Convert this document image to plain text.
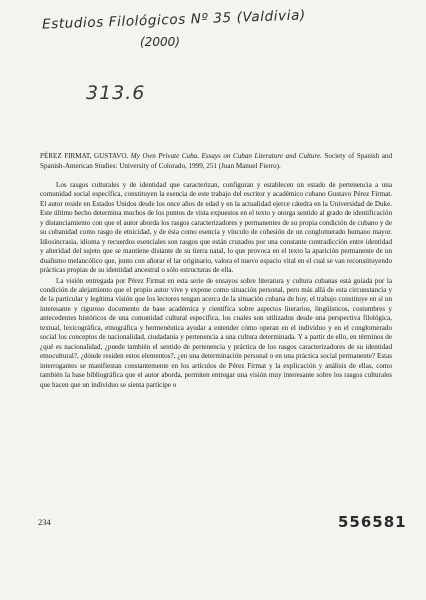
Estudios Filológicos Nº 35 (Valdivia)
(2000)
313.6
PÉREZ FIRMAT, GUSTAVO. My Own Private Cuba. Essays on Cuban Literature and Culture. Society of Spanish and Spanish-American Studies: University of Colorado, 1999, 251 (Juan Manuel Fierro).

Los rasgos culturales y de identidad que caracterizan, configuran y establecen un estado de pertenencia a una comunidad social específica, constituyen la esencia de este trabajo del escritor y académico cubano Gustavo Pérez Firmat. El autor reside en Estados Unidos desde los once años de edad y en la actualidad ejerce cátedra en la Universidad de Duke. Este último hecho determina muchos de los puntos de vista expuestos en el texto y otorga sentido al grado de identificación y distanciamiento con que el autor aborda los rasgos caracterizadores y permanentes de su propia condición de cubano y de su cubanidad como rasgo de etnicidad, y de ésta como esencia y vínculo de cohesión de un conglomerado humano mayor. Idiosincrasia, idioma y recuerdos esenciales son rasgos que están cruzados por una constante contradicción entre identidad y alteridad del sujeto que se mantiene distante de su tierra natal, lo que provoca en el texto la aparición permanente de un dualismo melancólico que, junto con añorar el lar originario, valora el nuevo espacio vital en el cual se van reconstituyendo prácticas propias de su identidad ancestral o sólo estructuras de ella.

La visión entregada por Pérez Firmat en esta serie de ensayos sobre literatura y cultura cubanas está guiada por la condición de alejamiento que el propio autor vive y expone como situación personal, pero más allá de esta circunstancia y de la particular y legítima visión que los lectores tengan acerca de la situación cubana de hoy, el trabajo constituye en sí un interesante y riguroso documento de base académica y científica sobre aspectos literarios, lingüísticos, costumbres y antecedentes históricos de una comunidad cultural específica, los cuales son utilizados desde una perspectiva filológica, textual, lexicográfica, etnográfica y hermenéutica ayudar a entender cómo operan en el individuo y en el conglomerado social los conceptos de nacionalidad, ciudadanía y pertenencia a una cultura determinada. Y a partir de ello, en términos de ¿qué es nacionalidad, ¿puede también el sentido de pertenencia y práctica de los rasgos caracterizadores de su identidad etnocultural?, ¿dónde residen estos elementos?, ¿en una determinación personal o en una práctica social permanente? Estas interrogantes se manifiestan constantemente en los artículos de Pérez Firmat y la explicación y análisis de ellas, como también la base bibliográfica que el autor aborda, permiten entregar una visión muy interesante sobre los rasgos culturales que hacen que un individuo se sienta partícipe o

234	556581
